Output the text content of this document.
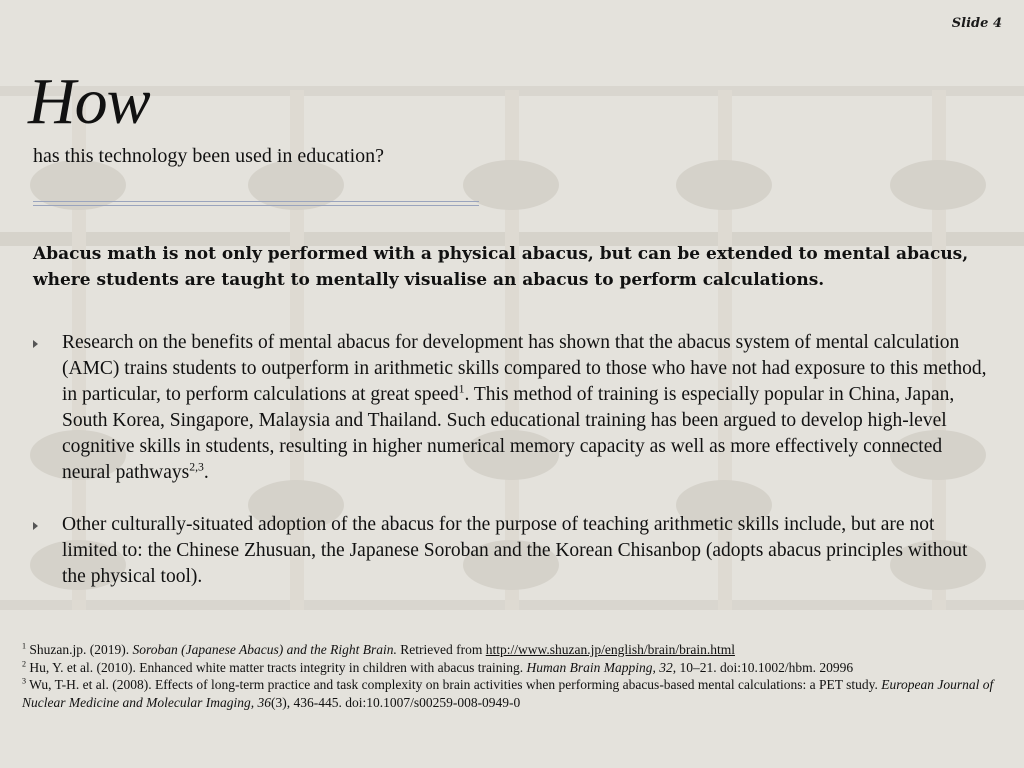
Slide 4
How
has this technology been used in education?
Abacus math is not only performed with a physical abacus, but can be extended to mental abacus, where students are taught to mentally visualise an abacus to perform calculations.
Research on the benefits of mental abacus for development has shown that the abacus system of mental calculation (AMC) trains students to outperform in arithmetic skills compared to those who have not had exposure to this method, in particular, to perform calculations at great speed$^1$. This method of training is especially popular in China, Japan, South Korea, Singapore, Malaysia and Thailand. Such educational training has been argued to develop high-level cognitive skills in students, resulting in higher numerical memory capacity as well as more effectively connected neural pathways$^{2,3}$.
Other culturally-situated adoption of the abacus for the purpose of teaching arithmetic skills include, but are not limited to: the Chinese Zhusuan, the Japanese Soroban and the Korean Chisanbop (adopts abacus principles without the physical tool).

$^1$ Shuzan.jp. (2019). Soroban (Japanese Abacus) and the Right Brain. Retrieved from http://www.shuzan.jp/english/brain/brain.html

$^2$ Hu, Y. et al. (2010). Enhanced white matter tracts integrity in children with abacus training. Human Brain Mapping, 32, 10–21. doi:10.1002/hbm. 20996

$^3$ Wu, T-H. et al. (2008). Effects of long-term practice and task complexity on brain activities when performing abacus-based mental calculations: a PET study. European Journal of Nuclear Medicine and Molecular Imaging, 36(3), 436-445. doi:10.1007/s00259-008-0949-0
